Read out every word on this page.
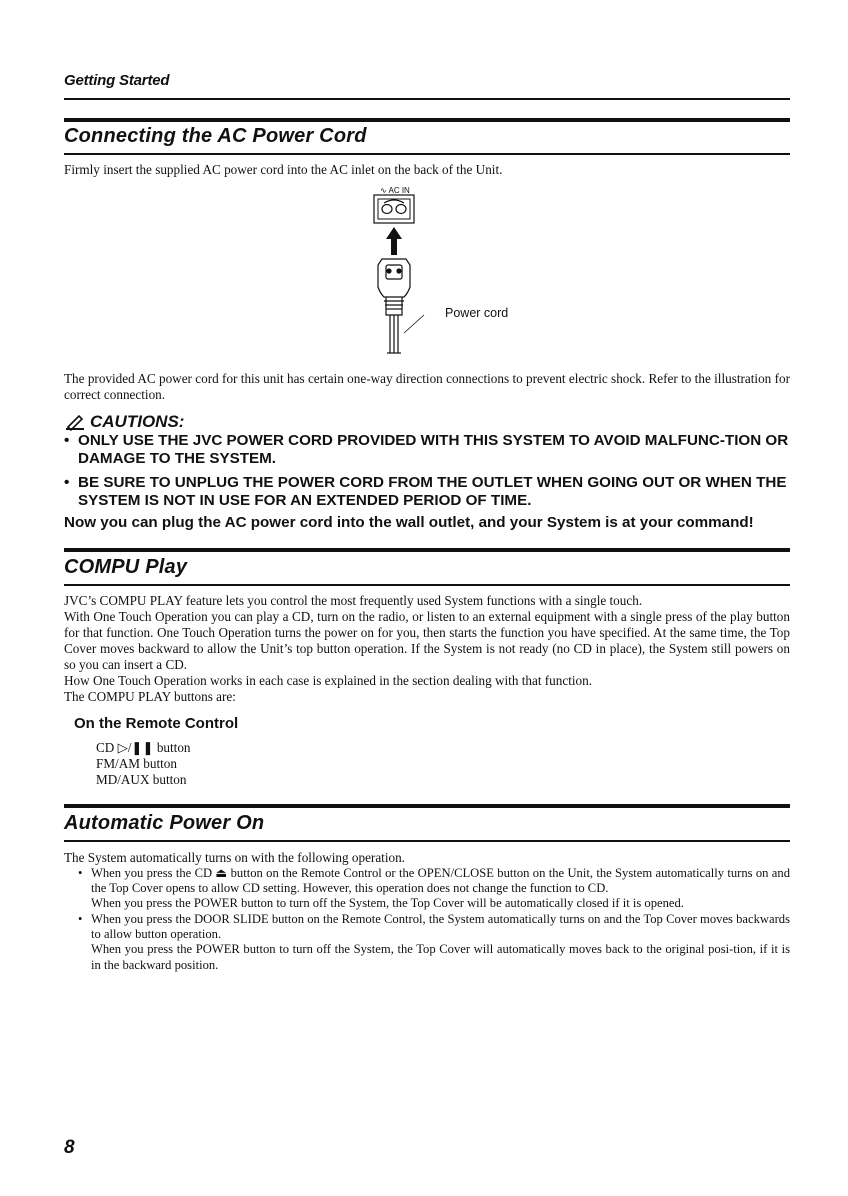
Getting Started
Connecting the AC Power Cord
Firmly insert the supplied AC power cord into the AC inlet on the back of the Unit.
∿ AC IN
Power cord
The provided AC power cord for this unit has certain one-way direction connections to prevent electric shock. Refer to the illustration for correct connection.
CAUTIONS:
• ONLY USE THE JVC POWER CORD PROVIDED WITH THIS SYSTEM TO AVOID MALFUNC-TION OR DAMAGE TO THE SYSTEM.
• BE SURE TO UNPLUG THE POWER CORD FROM THE OUTLET WHEN GOING OUT OR WHEN THE SYSTEM IS NOT IN USE FOR AN EXTENDED PERIOD OF TIME.
Now you can plug the AC power cord into the wall outlet, and your System is at your command!
COMPU Play
JVC’s COMPU PLAY feature lets you control the most frequently used System functions with a single touch.
With One Touch Operation you can play a CD, turn on the radio, or listen to an external equipment with a single press of the play button for that function. One Touch Operation turns the power on for you, then starts the function you have specified. At the same time, the Top Cover moves backward to allow the Unit’s top button operation. If the System is not ready (no CD in place), the System still powers on so you can insert a CD.
How One Touch Operation works in each case is explained in the section dealing with that function.
The COMPU PLAY buttons are:
On the Remote Control
CD ▷/❚❚ button
FM/AM button
MD/AUX button
Automatic Power On
The System automatically turns on with the following operation.
• When you press the CD ⏏ button on the Remote Control or the OPEN/CLOSE button on the Unit, the System automatically turns on and the Top Cover opens to allow CD setting. However, this operation does not change the function to CD.
When you press the POWER button to turn off the System, the Top Cover will be automatically closed if it is opened.
• When you press the DOOR SLIDE button on the Remote Control, the System automatically turns on and the Top Cover moves backwards to allow button operation.
When you press the POWER button to turn off the System, the Top Cover will automatically moves back to the original posi-tion, if it is in the backward position.
8
